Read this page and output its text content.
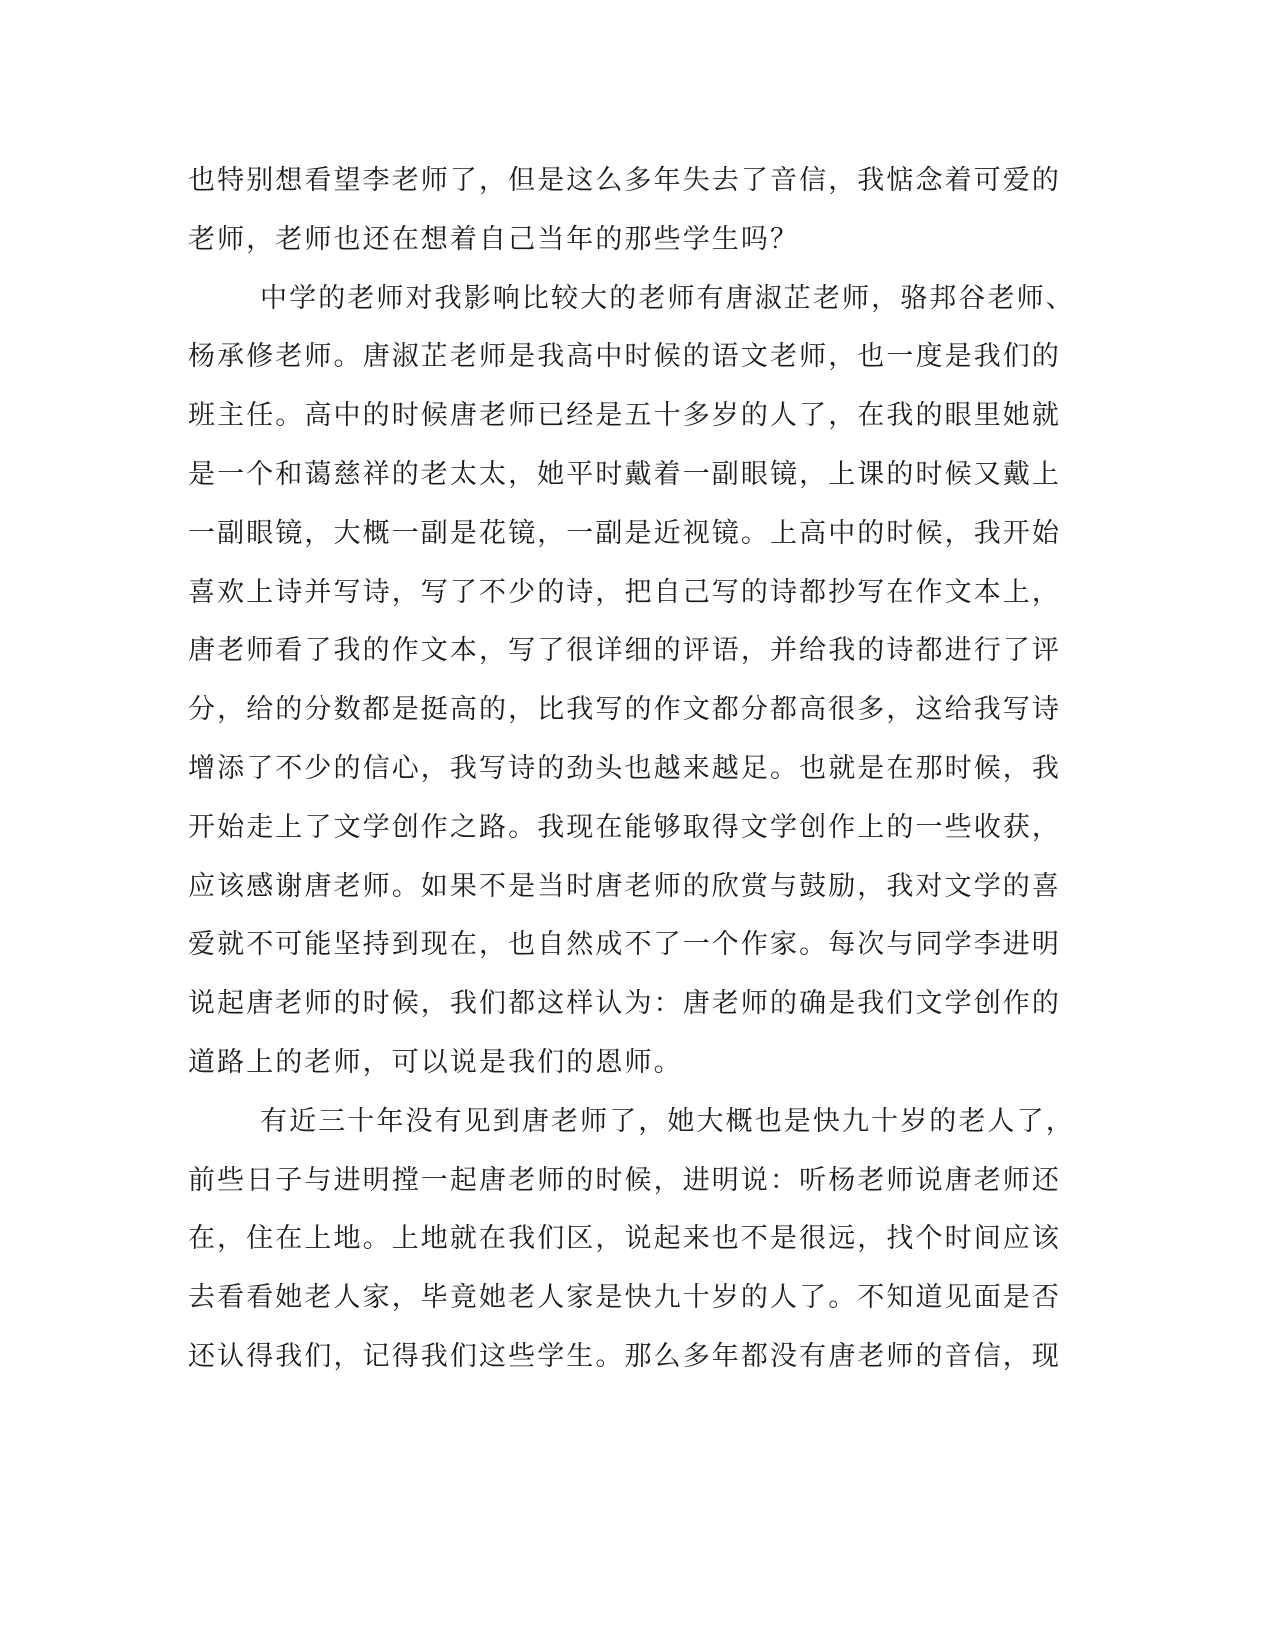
也特别想看望李老师了，但是这么多年失去了音信，我惦念着可爱的
老师，老师也还在想着自己当年的那些学生吗？
中学的老师对我影响比较大的老师有唐淑芷老师，骆邦谷老师、
杨承修老师。唐淑芷老师是我高中时候的语文老师，也一度是我们的
班主任。高中的时候唐老师已经是五十多岁的人了，在我的眼里她就
是一个和蔼慈祥的老太太，她平时戴着一副眼镜，上课的时候又戴上
一副眼镜，大概一副是花镜，一副是近视镜。上高中的时候，我开始
喜欢上诗并写诗，写了不少的诗，把自己写的诗都抄写在作文本上，
唐老师看了我的作文本，写了很详细的评语，并给我的诗都进行了评
分，给的分数都是挺高的，比我写的作文都分都高很多，这给我写诗
增添了不少的信心，我写诗的劲头也越来越足。也就是在那时候，我
开始走上了文学创作之路。我现在能够取得文学创作上的一些收获，
应该感谢唐老师。如果不是当时唐老师的欣赏与鼓励，我对文学的喜
爱就不可能坚持到现在，也自然成不了一个作家。每次与同学李进明
说起唐老师的时候，我们都这样认为：唐老师的确是我们文学创作的
道路上的老师，可以说是我们的恩师。
有近三十年没有见到唐老师了，她大概也是快九十岁的老人了，
前些日子与进明摚一起唐老师的时候，进明说：听杨老师说唐老师还
在，住在上地。上地就在我们区，说起来也不是很远，找个时间应该
去看看她老人家，毕竟她老人家是快九十岁的人了。不知道见面是否
还认得我们，记得我们这些学生。那么多年都没有唐老师的音信，现
